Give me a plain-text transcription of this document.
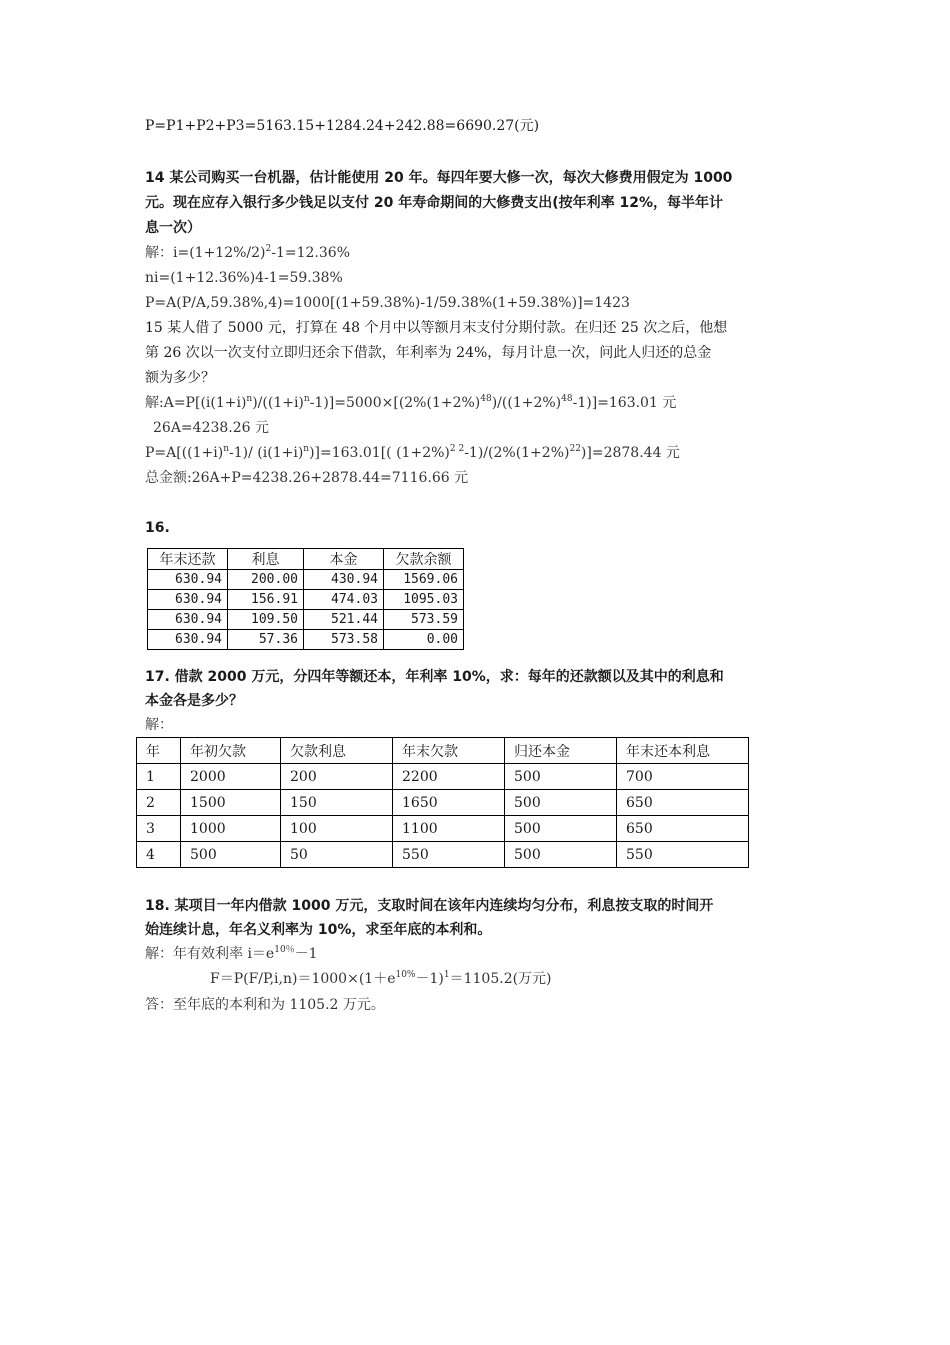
P=P1+P2+P3=5163.15+1284.24+242.88=6690.27(元)
14 某公司购买一台机器，估计能使用 20 年。每四年要大修一次，每次大修费用假定为 1000
元。现在应存入银行多少钱足以支付 20 年寿命期间的大修费支出(按年利率 12%，每半年计
息一次）
解：$i=(1+12\%/2)^2-1=12.36\%$
ni=(1+12.36%)4-1=59.38%
P=A(P/A,59.38%,4)=1000[(1+59.38%)-1/59.38%(1+59.38%)]=1423
15 某人借了 5000 元，打算在 48 个月中以等额月末支付分期付款。在归还 25 次之后，他想
第 26 次以一次支付立即归还余下借款，年利率为 24%，每月计息一次，问此人归还的总金
额为多少？
解$:A=P[(i(1+i)^n)/((1+i)^n-1)]=5000\times[(2\%(1+2\%)^{48})/((1+2\%)^{48}-1)]=163.01$ 元
26A=4238.26 元
$P=A[((1+i)^n-1)/$ $(i(1+i)^n)]=163.01$[( $(1+2\%)^{2 2}-1)/(2\%(1+2\%)^{22})]=2878.44$ 元
总金额:26A+P=4238.26+2878.44=7116.66 元
16.
年末还款	利息	本金	欠款余额
630.94	200.00	430.94	1569.06
630.94	156.91	474.03	1095.03
630.94	109.50	521.44	573.59
630.94	57.36	573.58	0.00
17. 借款 2000 万元，分四年等额还本，年利率 10%，求：每年的还款额以及其中的利息和
本金各是多少？
解：
年	年初欠款	欠款利息	年末欠款	归还本金	年末还本利息
1	2000	200	2200	500	700
2	1500	150	1650	500	650
3	1000	100	1100	500	650
4	500	50	550	500	550
18. 某项目一年内借款 1000 万元，支取时间在该年内连续均匀分布，利息按支取的时间开
始连续计息，年名义利率为 10%，求至年底的本利和。
解：年有效利率 $i=e^{10\%}-1$
$F=P(F/P,i,n)=1000\times(1+e^{10\%}-1)^1=1105.2$(万元)
答：至年底的本利和为 1105.2 万元。
